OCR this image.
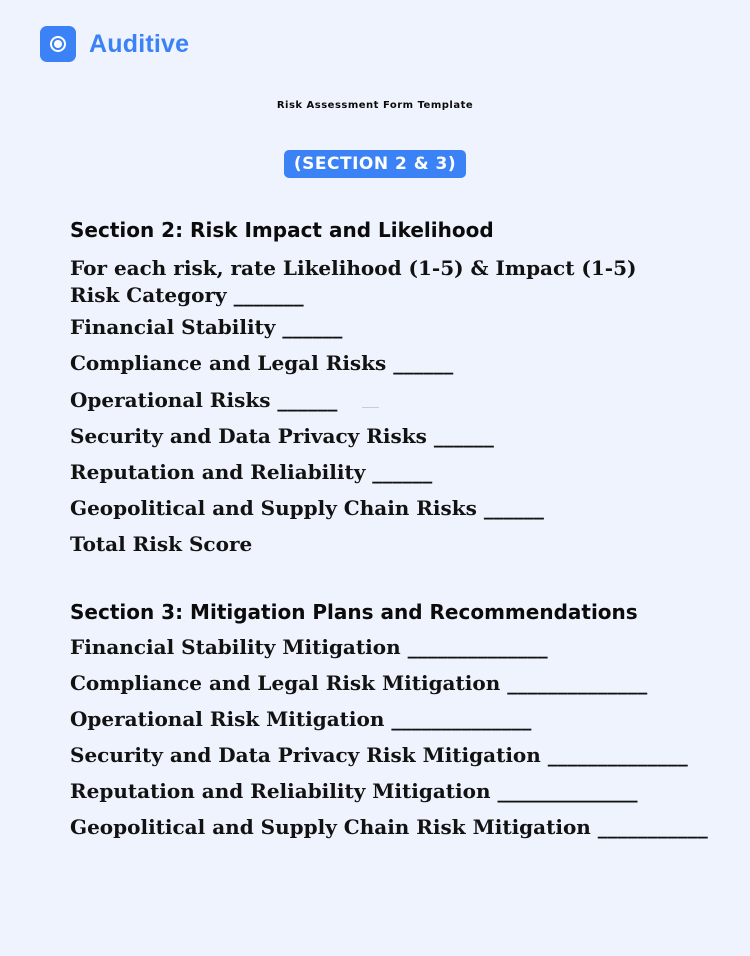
Auditive
Risk Assessment Form Template
(SECTION 2 & 3)
Section 2: Risk Impact and Likelihood
For each risk, rate Likelihood (1-5) & Impact (1-5)
Risk Category _______
Financial Stability ______
Compliance and Legal Risks ______
Operational Risks ______
Security and Data Privacy Risks ______
Reputation and Reliability ______
Geopolitical and Supply Chain Risks ______
Total Risk Score
Section 3: Mitigation Plans and Recommendations
Financial Stability Mitigation ______________
Compliance and Legal Risk Mitigation ______________
Operational Risk Mitigation ______________
Security and Data Privacy Risk Mitigation ______________
Reputation and Reliability Mitigation ______________
Geopolitical and Supply Chain Risk Mitigation ___________
